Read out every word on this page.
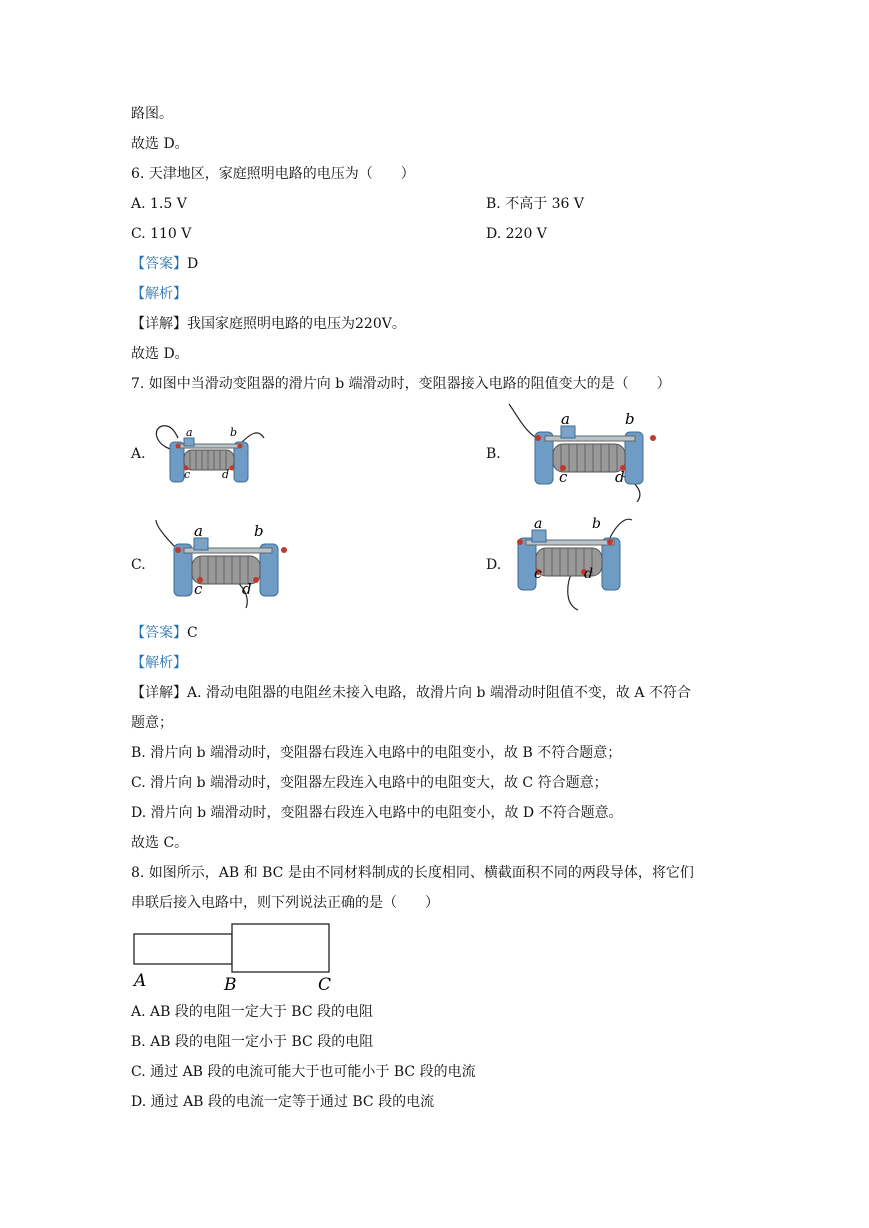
路图。
故选 D。
6. 天津地区，家庭照明电路的电压为（　　）
A. 1.5 V	B. 不高于 36 V
C. 110 V	D. 220 V
【答案】D
【解析】
【详解】我国家庭照明电路的电压为220V。
故选 D。
7. 如图中当滑动变阻器的滑片向 b 端滑动时，变阻器接入电路的阻值变大的是（　　）
A.	B.
C.	D.
a	b
c	d
a	b
c	d
a	b
c	d
a	b
c	d
【答案】C
【解析】
【详解】A. 滑动电阻器的电阻丝未接入电路，故滑片向 b 端滑动时阻值不变，故 A 不符合
题意；
B. 滑片向 b 端滑动时，变阻器右段连入电路中的电阻变小，故 B 不符合题意；
C. 滑片向 b 端滑动时，变阻器左段连入电路中的电阻变大，故 C 符合题意；
D. 滑片向 b 端滑动时，变阻器右段连入电路中的电阻变小，故 D 不符合题意。
故选 C。
8. 如图所示，AB 和 BC 是由不同材料制成的长度相同、横截面积不同的两段导体，将它们
串联后接入电路中，则下列说法正确的是（　　）
A	B	C
A. AB 段的电阻一定大于 BC 段的电阻
B. AB 段的电阻一定小于 BC 段的电阻
C. 通过 AB 段的电流可能大于也可能小于 BC 段的电流
D. 通过 AB 段的电流一定等于通过 BC 段的电流
